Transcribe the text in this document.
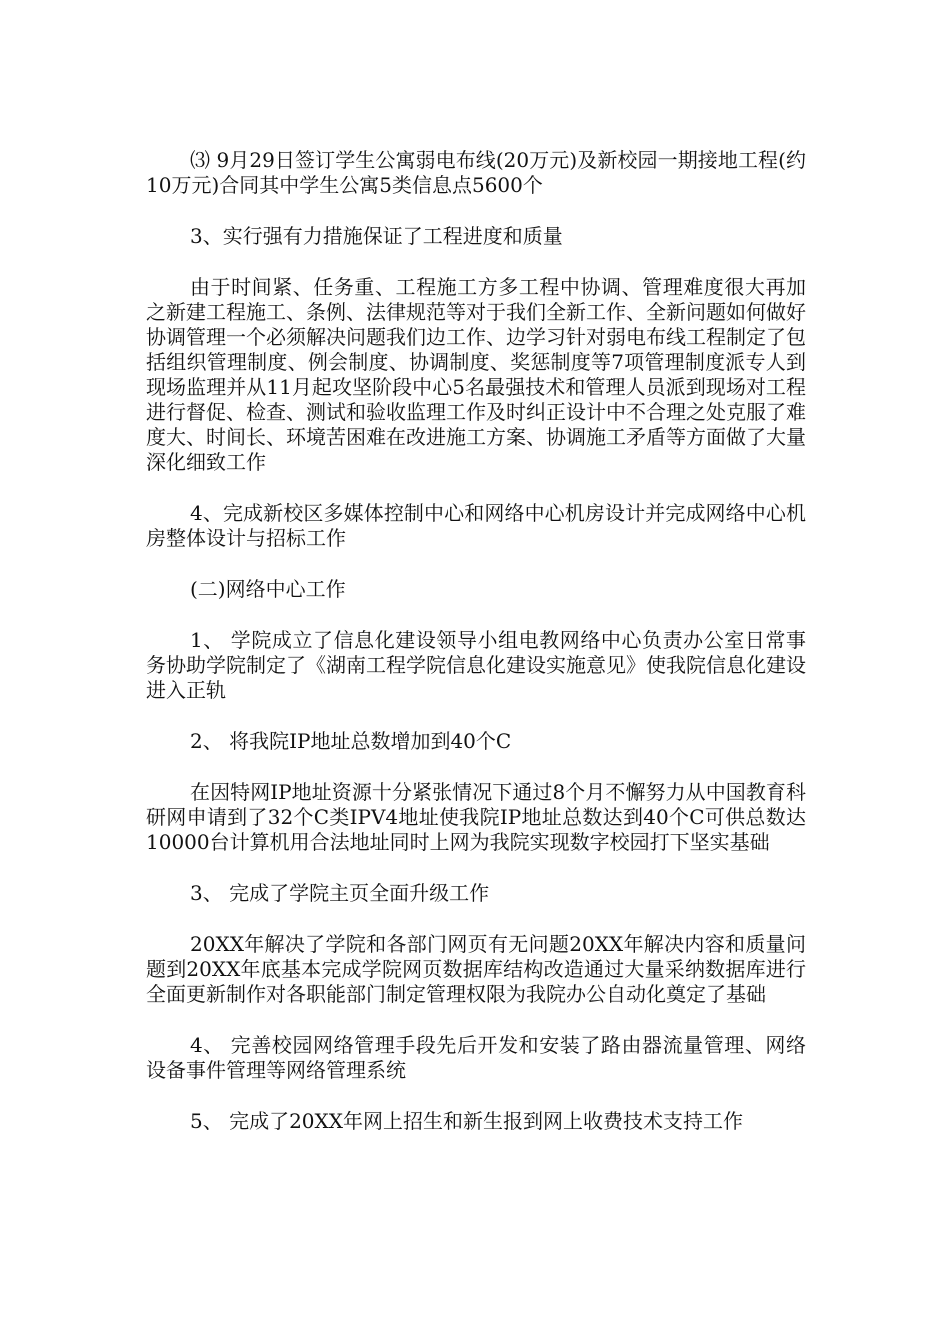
⑶ 9月29日签订学生公寓弱电布线(20万元)及新校园一期接地工程(约10万元)合同其中学生公寓5类信息点5600个

3、实行强有力措施保证了工程进度和质量

由于时间紧、任务重、工程施工方多工程中协调、管理难度很大再加之新建工程施工、条例、法律规范等对于我们全新工作、全新问题如何做好协调管理一个必须解决问题我们边工作、边学习针对弱电布线工程制定了包括组织管理制度、例会制度、协调制度、奖惩制度等7项管理制度派专人到现场监理并从11月起攻坚阶段中心5名最强技术和管理人员派到现场对工程进行督促、检查、测试和验收监理工作及时纠正设计中不合理之处克服了难度大、时间长、环境苦困难在改进施工方案、协调施工矛盾等方面做了大量深化细致工作

4、完成新校区多媒体控制中心和网络中心机房设计并完成网络中心机房整体设计与招标工作

(二)网络中心工作

1、 学院成立了信息化建设领导小组电教网络中心负责办公室日常事务协助学院制定了《湖南工程学院信息化建设实施意见》使我院信息化建设进入正轨

2、 将我院IP地址总数增加到40个C

在因特网IP地址资源十分紧张情况下通过8个月不懈努力从中国教育科研网申请到了32个C类IPV4地址使我院IP地址总数达到40个C可供总数达10000台计算机用合法地址同时上网为我院实现数字校园打下坚实基础

3、 完成了学院主页全面升级工作

20XX年解决了学院和各部门网页有无问题20XX年解决内容和质量问题到20XX年底基本完成学院网页数据库结构改造通过大量采纳数据库进行全面更新制作对各职能部门制定管理权限为我院办公自动化奠定了基础

4、 完善校园网络管理手段先后开发和安装了路由器流量管理、网络设备事件管理等网络管理系统

5、 完成了20XX年网上招生和新生报到网上收费技术支持工作
